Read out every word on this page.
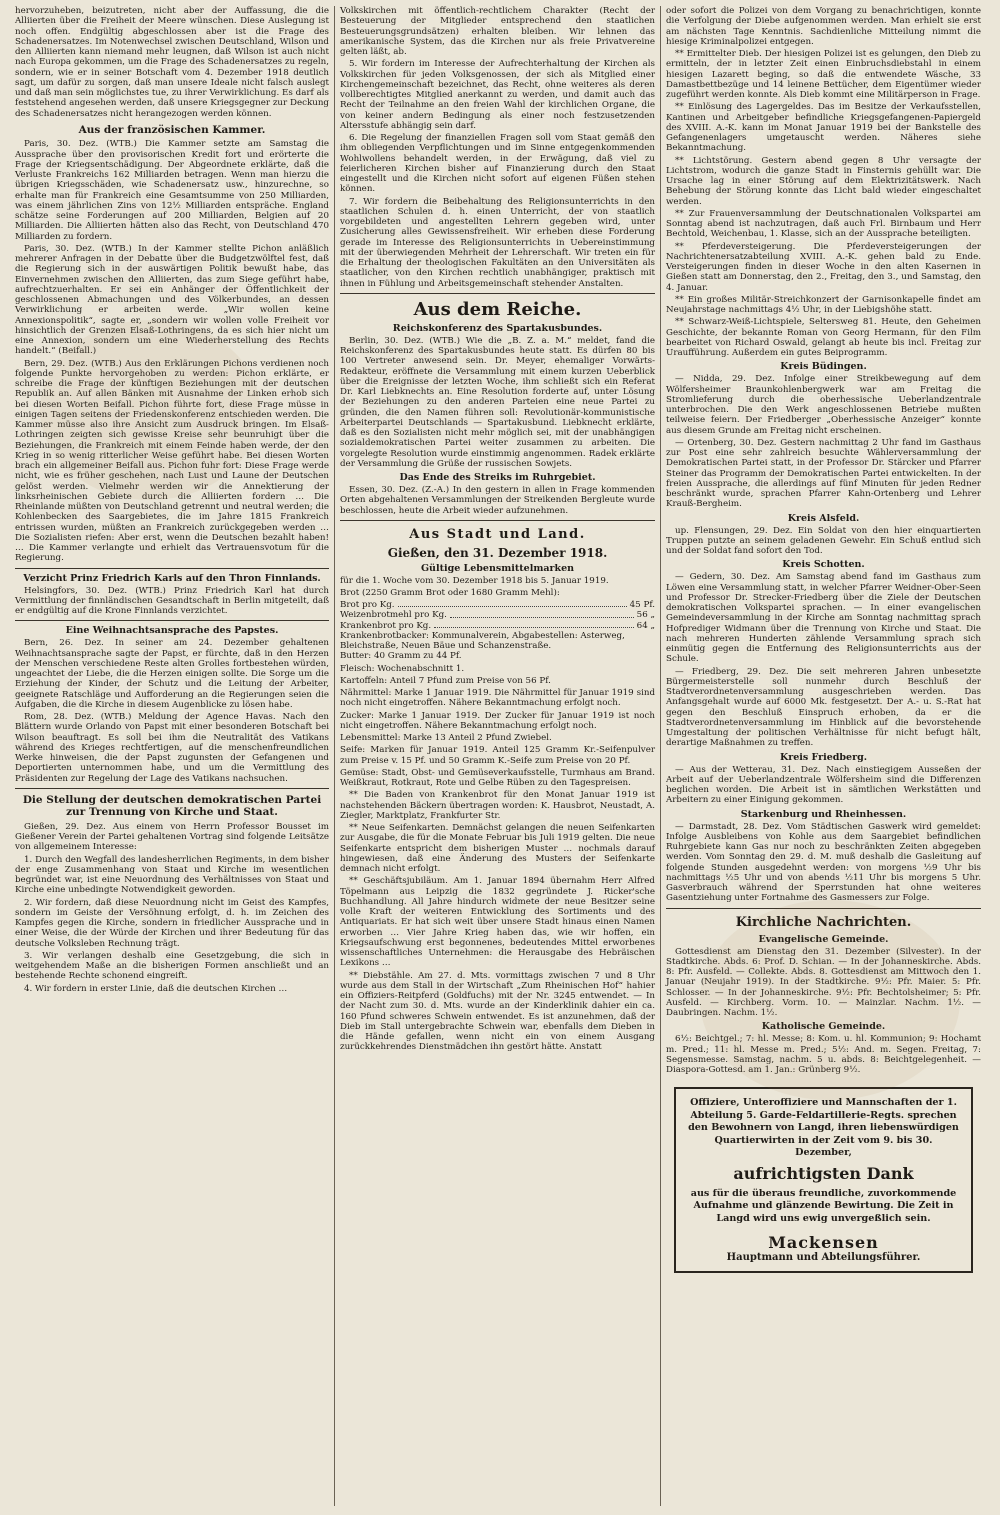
hervorzuheben, beizutreten, nicht aber der Auffassung, die die Alliierten über die Freiheit der Meere wünschen. Diese Auslegung ist noch offen. Endgültig abgeschlossen aber ist die Frage des Schadenersatzes. Im Notenwechsel zwischen Deutschland, Wilson und den Alliierten kann niemand mehr leugnen, daß Wilson ist auch nicht nach Europa gekommen, um die Frage des Schadenersatzes zu regeln, sondern, wie er in seiner Botschaft vom 4. Dezember 1918 deutlich sagt, um dafür zu sorgen, daß man unsere Ideale nicht falsch auslegt und daß man sein möglichstes tue, zu ihrer Verwirklichung. Es darf als feststehend angesehen werden, daß unsere Kriegsgegner zur Deckung des Schadenersatzes nicht herangezogen werden können.

Aus der französischen Kammer.

Paris, 30. Dez. (WTB.) Die Kammer setzte am Samstag die Aussprache über den provisorischen Kredit fort und erörterte die Frage der Kriegsentschädigung. Der Abgeordnete erklärte, daß die Verluste Frankreichs 162 Milliarden betragen. Wenn man hierzu die übrigen Kriegsschäden, wie Schadenersatz usw., hinzurechne, so erhalte man für Frankreich eine Gesamtsumme von 250 Milliarden, was einem jährlichen Zins von 12½ Milliarden entspräche. England schätze seine Forderungen auf 200 Milliarden, Belgien auf 20 Milliarden. Die Alliierten hätten also das Recht, von Deutschland 470 Milliarden zu fordern.

Paris, 30. Dez. (WTB.) In der Kammer stellte Pichon anläßlich mehrerer Anfragen in der Debatte über die Budgetzwölftel fest, daß die Regierung sich in der auswärtigen Politik bewußt habe, das Einvernehmen zwischen den Alliierten, das zum Siege geführt habe, aufrechtzuerhalten. Er sei ein Anhänger der Öffentlichkeit der geschlossenen Abmachungen und des Völkerbundes, an dessen Verwirklichung er arbeiten werde. „Wir wollen keine Annexionspolitik“, sagte er, „sondern wir wollen volle Freiheit vor hinsichtlich der Grenzen Elsaß-Lothringens, da es sich hier nicht um eine Annexion, sondern um eine Wiederherstellung des Rechts handelt.“ (Beifall.)

Bern, 29. Dez. (WTB.) Aus den Erklärungen Pichons verdienen noch folgende Punkte hervorgehoben zu werden: Pichon erklärte, er schreibe die Frage der künftigen Beziehungen mit der deutschen Republik an. Auf allen Bänken mit Ausnahme der Linken erhob sich bei diesen Worten Beifall. Pichon führte fort, diese Frage müsse in einigen Tagen seitens der Friedenskonferenz entschieden werden. Die Kammer müsse also ihre Ansicht zum Ausdruck bringen. Im Elsaß-Lothringen zeigten sich gewisse Kreise sehr beunruhigt über die Beziehungen, die Frankreich mit einem Feinde haben werde, der den Krieg in so wenig ritterlicher Weise geführt habe. Bei diesen Worten brach ein allgemeiner Beifall aus. Pichon fuhr fort: Diese Frage werde nicht, wie es früher geschehen, nach Lust und Laune der Deutschen gelöst werden. Vielmehr werden wir die Annektierung der linksrheinischen Gebiete durch die Alliierten fordern … Die Rheinlande müßten von Deutschland getrennt und neutral werden; die Kohlenbecken des Saargebietes, die im Jahre 1815 Frankreich entrissen wurden, müßten an Frankreich zurückgegeben werden … Die Sozialisten riefen: Aber erst, wenn die Deutschen bezahlt haben! … Die Kammer verlangte und erhielt das Vertrauensvotum für die Regierung.

Verzicht Prinz Friedrich Karls auf den Thron Finnlands.

Helsingfors, 30. Dez. (WTB.) Prinz Friedrich Karl hat durch Vermittlung der finnländischen Gesandtschaft in Berlin mitgeteilt, daß er endgültig auf die Krone Finnlands verzichtet.

Eine Weihnachtsansprache des Papstes.

Bern, 26. Dez. In seiner am 24. Dezember gehaltenen Weihnachtsansprache sagte der Papst, er fürchte, daß in den Herzen der Menschen verschiedene Reste alten Grolles fortbestehen würden, ungeachtet der Liebe, die die Herzen einigen sollte. Die Sorge um die Erziehung der Kinder, der Schutz und die Leitung der Arbeiter, geeignete Ratschläge und Aufforderung an die Regierungen seien die Aufgaben, die die Kirche in diesem Augenblicke zu lösen habe.

Rom, 28. Dez. (WTB.) Meldung der Agence Havas. Nach den Blättern wurde Orlando von Papst mit einer besonderen Botschaft bei Wilson beauftragt. Es soll bei ihm die Neutralität des Vatikans während des Krieges rechtfertigen, auf die menschenfreundlichen Werke hinweisen, die der Papst zugunsten der Gefangenen und Deportierten unternommen habe, und um die Vermittlung des Präsidenten zur Regelung der Lage des Vatikans nachsuchen.

Die Stellung der deutschen demokratischen Partei zur Trennung von Kirche und Staat.

Gießen, 29. Dez. Aus einem von Herrn Professor Bousset im Gießener Verein der Partei gehaltenen Vortrag sind folgende Leitsätze von allgemeinem Interesse:

1. Durch den Wegfall des landesherrlichen Regiments, in dem bisher der enge Zusammenhang von Staat und Kirche im wesentlichen begründet war, ist eine Neuordnung des Verhältnisses von Staat und Kirche eine unbedingte Notwendigkeit geworden.

2. Wir fordern, daß diese Neuordnung nicht im Geist des Kampfes, sondern im Geiste der Versöhnung erfolgt, d. h. im Zeichen des Kampfes gegen die Kirche, sondern in friedlicher Aussprache und in einer Weise, die der Würde der Kirchen und ihrer Bedeutung für das deutsche Volksleben Rechnung trägt.

3. Wir verlangen deshalb eine Gesetzgebung, die sich in weitgehendem Maße an die bisherigen Formen anschließt und an bestehende Rechte schonend eingreift.

4. Wir fordern in erster Linie, daß die deutschen Kirchen …

Volkskirchen mit öffentlich-rechtlichem Charakter (Recht der Besteuerung der Mitglieder entsprechend den staatlichen Besteuerungsgrundsätzen) erhalten bleiben. Wir lehnen das amerikanische System, das die Kirchen nur als freie Privatvereine gelten läßt, ab.

5. Wir fordern im Interesse der Aufrechterhaltung der Kirchen als Volkskirchen für jeden Volksgenossen, der sich als Mitglied einer Kirchengemeinschaft bezeichnet, das Recht, ohne weiteres als deren vollberechtigtes Mitglied anerkannt zu werden, und damit auch das Recht der Teilnahme an den freien Wahl der kirchlichen Organe, die von keiner andern Bedingung als einer noch festzusetzenden Altersstufe abhängig sein darf.

6. Die Regelung der finanziellen Fragen soll vom Staat gemäß den ihm obliegenden Verpflichtungen und im Sinne entgegenkommenden Wohlwollens behandelt werden, in der Erwägung, daß viel zu feierlicheren Kirchen bisher auf Finanzierung durch den Staat eingestellt und die Kirchen nicht sofort auf eigenen Füßen stehen können.

7. Wir fordern die Beibehaltung des Religionsunterrichts in den staatlichen Schulen d. h. einen Unterricht, der von staatlich vorgebildeten und angestellten Lehrern gegeben wird, unter Zusicherung alles Gewissensfreiheit. Wir erheben diese Forderung gerade im Interesse des Religionsunterrichts in Uebereinstimmung mit der überwiegenden Mehrheit der Lehrerschaft. Wir treten ein für die Erhaltung der theologischen Fakultäten an den Universitäten als staatlicher, von den Kirchen rechtlich unabhängiger, praktisch mit ihnen in Fühlung und Arbeitsgemeinschaft stehender Anstalten.

Aus dem Reiche.
Reichskonferenz des Spartakusbundes.

Berlin, 30. Dez. (WTB.) Wie die „B. Z. a. M.“ meldet, fand die Reichskonferenz des Spartakusbundes heute statt. Es dürfen 80 bis 100 Vertreter anwesend sein. Dr. Meyer, ehemaliger Vorwärts-Redakteur, eröffnete die Versammlung mit einem kurzen Ueberblick über die Ereignisse der letzten Woche, ihm schließt sich ein Referat Dr. Karl Liebknechts an. Eine Resolution forderte auf, unter Lösung der Beziehungen zu den anderen Parteien eine neue Partei zu gründen, die den Namen führen soll: Revolutionär-kommunistische Arbeiterpartei Deutschlands — Spartakusbund. Liebknecht erklärte, daß es den Sozialisten nicht mehr möglich sei, mit der unabhängigen sozialdemokratischen Partei weiter zusammen zu arbeiten. Die vorgelegte Resolution wurde einstimmig angenommen. Radek erklärte der Versammlung die Grüße der russischen Sowjets.

Das Ende des Streiks im Ruhrgebiet.

Essen, 30. Dez. (Z.-A.) In den gestern in allen in Frage kommenden Orten abgehaltenen Versammlungen der Streikenden Bergleute wurde beschlossen, heute die Arbeit wieder aufzunehmen.

Aus Stadt und Land.
Gießen, den 31. Dezember 1918.
Gültige Lebensmittelmarken

für die 1. Woche vom 30. Dezember 1918 bis 5. Januar 1919.

Brot (2250 Gramm Brot oder 1680 Gramm Mehl):

Brot pro Kg.	45 Pf.
Weizenbrotmehl pro Kg.	56 „
Krankenbrot pro Kg.	64 „
Krankenbrotbacker: Kommunalverein, Abgabestellen: Asterweg, Bleichstraße, Neuen Bäue und Schanzenstraße.

Butter: 40 Gramm zu 44 Pf.

Fleisch: Wochenabschnitt 1.

Kartoffeln: Anteil 7 Pfund zum Preise von 56 Pf.

Nährmittel: Marke 1 Januar 1919. Die Nährmittel für Januar 1919 sind noch nicht eingetroffen. Nähere Bekanntmachung erfolgt noch.

Zucker: Marke 1 Januar 1919. Der Zucker für Januar 1919 ist noch nicht eingetroffen. Nähere Bekanntmachung erfolgt noch.

Lebensmittel: Marke 13 Anteil 2 Pfund Zwiebel.

Seife: Marken für Januar 1919. Anteil 125 Gramm Kr.-Seifenpulver zum Preise v. 15 Pf. und 50 Gramm K.-Seife zum Preise von 20 Pf.

Gemüse: Stadt, Obst- und Gemüseverkaufsstelle, Turmhaus am Brand. Weißkraut, Rotkraut, Rote und Gelbe Rüben zu den Tagespreisen.

** Die Baden von Krankenbrot für den Monat Januar 1919 ist nachstehenden Bäckern übertragen worden: K. Hausbrot, Neustadt, A. Ziegler, Marktplatz, Frankfurter Str.

** Neue Seifenkarten. Demnächst gelangen die neuen Seifenkarten zur Ausgabe, die für die Monate Februar bis Juli 1919 gelten. Die neue Seifenkarte entspricht dem bisherigen Muster … nochmals darauf hingewiesen, daß eine Änderung des Musters der Seifenkarte demnach nicht erfolgt.

** Geschäftsjubiläum. Am 1. Januar 1894 übernahm Herr Alfred Töpelmann aus Leipzig die 1832 gegründete J. Ricker'sche Buchhandlung. All Jahre hindurch widmete der neue Besitzer seine volle Kraft der weiteren Entwicklung des Sortiments und des Antiquariats. Er hat sich weit über unsere Stadt hinaus einen Namen erworben … Vier Jahre Krieg haben das, wie wir hoffen, ein Kriegsaufschwung erst begonnenes, bedeutendes Mittel erworbenes wissenschaftliches Unternehmen: die Herausgabe des Hebräischen Lexikons …

** Diebstähle. Am 27. d. Mts. vormittags zwischen 7 und 8 Uhr wurde aus dem Stall in der Wirtschaft „Zum Rheinischen Hof“ hahier ein Offiziers-Reitpferd (Goldfuchs) mit der Nr. 3245 entwendet. — In der Nacht zum 30. d. Mts. wurde an der Kinderklinik dahier ein ca. 160 Pfund schweres Schwein entwendet. Es ist anzunehmen, daß der Dieb im Stall untergebrachte Schwein war, ebenfalls dem Dieben in die Hände gefallen, wenn nicht ein von einem Ausgang zurückkehrendes Dienstmädchen ihn gestört hätte. Anstatt

oder sofort die Polizei von dem Vorgang zu benachrichtigen, konnte die Verfolgung der Diebe aufgenommen werden. Man erhielt sie erst am nächsten Tage Kenntnis. Sachdienliche Mitteilung nimmt die hiesige Kriminalpolizei entgegen.

** Ermittelter Dieb. Der hiesigen Polizei ist es gelungen, den Dieb zu ermitteln, der in letzter Zeit einen Einbruchsdiebstahl in einem hiesigen Lazarett beging, so daß die entwendete Wäsche, 33 Damastbettbezüge und 14 leinene Bettücher, dem Eigentümer wieder zugeführt werden konnte. Als Dieb kommt eine Militärperson in Frage.

** Einlösung des Lagergeldes. Das im Besitze der Verkaufsstellen, Kantinen und Arbeitgeber befindliche Kriegsgefangenen-Papiergeld des XVIII. A.-K. kann im Monat Januar 1919 bei der Bankstelle des Gefangenenlagers umgetauscht werden. Näheres siehe Bekanntmachung.

** Lichtstörung. Gestern abend gegen 8 Uhr versagte der Lichtstrom, wodurch die ganze Stadt in Finsternis gehüllt war. Die Ursache lag in einer Störung auf dem Elektrizitätswerk. Nach Behebung der Störung konnte das Licht bald wieder eingeschaltet werden.

** Zur Frauenversammlung der Deutschnationalen Volkspartei am Sonntag abend ist nachzutragen, daß auch Frl. Birnbaum und Herr Bechtold, Weichenbau, 1. Klasse, sich an der Aussprache beteiligten.

** Pferdeversteigerung. Die Pferdeversteigerungen der Nachrichtenersatzabteilung XVIII. A.-K. gehen bald zu Ende. Versteigerungen finden in dieser Woche in den alten Kasernen in Gießen statt am Donnerstag, den 2., Freitag, den 3., und Samstag, den 4. Januar.

** Ein großes Militär-Streichkonzert der Garnisonkapelle findet am Neujahrstage nachmittags 4½ Uhr, in der Liebigshöhe statt.

** Schwarz-Weiß-Lichtspiele, Seltersweg 81. Heute, den Geheimen Geschichte, der bekannte Roman von Georg Hermann, für den Film bearbeitet von Richard Oswald, gelangt ab heute bis incl. Freitag zur Uraufführung. Außerdem ein gutes Beiprogramm.

Kreis Büdingen.

— Nidda, 29. Dez. Infolge einer Streikbewegung auf dem Wölfersheimer Braunkohlenbergwerk war am Freitag die Stromlieferung durch die oberhessische Ueberlandzentrale unterbrochen. Die den Werk angeschlossenen Betriebe mußten teilweise feiern. Der Friedberger „Oberhessische Anzeiger“ konnte aus diesem Grunde am Freitag nicht erscheinen.

— Ortenberg, 30. Dez. Gestern nachmittag 2 Uhr fand im Gasthaus zur Post eine sehr zahlreich besuchte Wählerversammlung der Demokratischen Partei statt, in der Professor Dr. Stärcker und Pfarrer Steiner das Programm der Demokratischen Partei entwickelten. In der freien Aussprache, die allerdings auf fünf Minuten für jeden Redner beschränkt wurde, sprachen Pfarrer Kahn-Ortenberg und Lehrer Krauß-Bergheim.

Kreis Alsfeld.

up. Flensungen, 29. Dez. Ein Soldat von den hier einquartierten Truppen putzte an seinem geladenen Gewehr. Ein Schuß entlud sich und der Soldat fand sofort den Tod.

Kreis Schotten.

— Gedern, 30. Dez. Am Samstag abend fand im Gasthaus zum Löwen eine Versammlung statt, in welcher Pfarrer Weidner-Ober-Seen und Professor Dr. Strecker-Friedberg über die Ziele der Deutschen demokratischen Volkspartei sprachen. — In einer evangelischen Gemeindeversammlung in der Kirche am Sonntag nachmittag sprach Hofprediger Widmann über die Trennung von Kirche und Staat. Die nach mehreren Hunderten zählende Versammlung sprach sich einmütig gegen die Entfernung des Religionsunterrichts aus der Schule.

— Friedberg, 29. Dez. Die seit mehreren Jahren unbesetzte Bürgermeisterstelle soll nunmehr durch Beschluß der Stadtverordnetenversammlung ausgeschrieben werden. Das Anfangsgehalt wurde auf 6000 Mk. festgesetzt. Der A.- u. S.-Rat hat gegen den Beschluß Einspruch erhoben, da er die Stadtverordnetenversammlung im Hinblick auf die bevorstehende Umgestaltung der politischen Verhältnisse für nicht befugt hält, derartige Maßnahmen zu treffen.

Kreis Friedberg.

— Aus der Wetterau, 31. Dez. Nach einstiegigem Ausseßen der Arbeit auf der Ueberlandzentrale Wölfersheim sind die Differenzen beglichen worden. Die Arbeit ist in sämtlichen Werkstätten und Arbeitern zu einer Einigung gekommen.

Starkenburg und Rheinhessen.

— Darmstadt, 28. Dez. Vom Städtischen Gaswerk wird gemeldet: Infolge Ausbleibens von Kohle aus dem Saargebiet befindlichen Ruhrgebiete kann Gas nur noch zu beschränkten Zeiten abgegeben werden. Vom Sonntag den 29. d. M. muß deshalb die Gasleitung auf folgende Stunden ausgedehnt werden: von morgens ½9 Uhr bis nachmittags ½5 Uhr und von abends ½11 Uhr bis morgens 5 Uhr. Gasverbrauch während der Sperrstunden hat ohne weiteres Gasentziehung unter Fortnahme des Gasmessers zur Folge.

Kirchliche Nachrichten.
Evangelische Gemeinde.

Gottesdienst am Dienstag den 31. Dezember (Silvester). In der Stadtkirche. Abds. 6: Prof. D. Schian. — In der Johanneskirche. Abds. 8: Pfr. Ausfeld. — Collekte. Abds. 8. Gottesdienst am Mittwoch den 1. Januar (Neujahr 1919). In der Stadtkirche. 9½: Pfr. Maier. 5: Pfr. Schlosser. — In der Johanneskirche. 9½: Pfr. Bechtolsheimer; 5: Pfr. Ausfeld. — Kirchberg. Vorm. 10. — Mainzlar. Nachm. 1½. — Daubringen. Nachm. 1½.

Katholische Gemeinde.

6½: Beichtgel.; 7: hl. Messe; 8: Kom. u. hl. Kommunion; 9: Hochamt m. Pred.; 11: hl. Messe m. Pred.; 5½: And. m. Segen. Freitag, 7: Segensmesse. Samstag, nachm. 5 u. abds. 8: Beichtgelegenheit. — Diaspora-Gottesd. am 1. Jan.: Grünberg 9½.

Offiziere, Unteroffiziere und Mannschaften der 1. Abteilung 5. Garde-Feldartillerie-Regts. sprechen den Bewohnern von Langd, ihren liebenswürdigen Quartierwirten in der Zeit vom 9. bis 30. Dezember,
aufrichtigsten Dank
aus für die überaus freundliche, zuvorkommende Aufnahme und glänzende Bewirtung. Die Zeit in Langd wird uns ewig unvergeßlich sein.
Mackensen
Hauptmann und Abteilungsführer.
